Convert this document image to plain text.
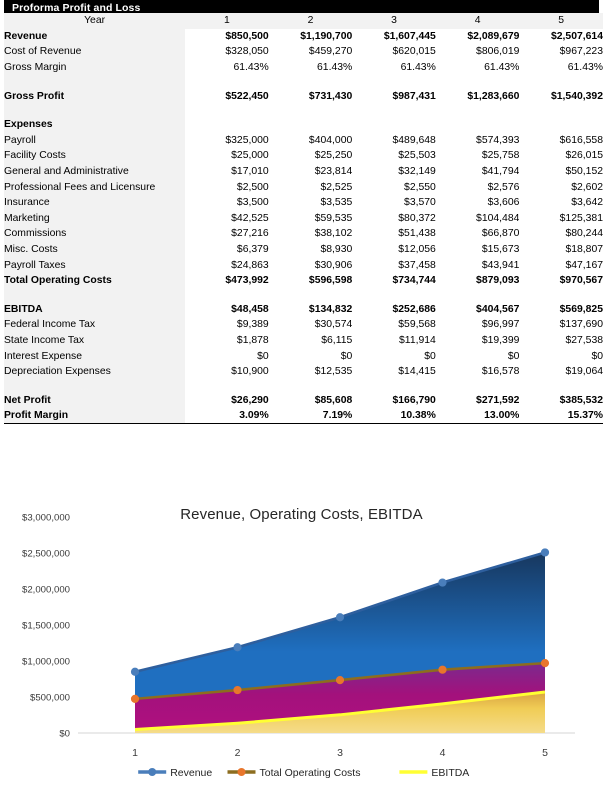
Proforma Profit and Loss
Year	1	2	3	4	5
Revenue	$850,500	$1,190,700	$1,607,445	$2,089,679	$2,507,614
Cost of Revenue	$328,050	$459,270	$620,015	$806,019	$967,223
Gross Margin	61.43%	61.43%	61.43%	61.43%	61.43%

Gross Profit	$522,450	$731,430	$987,431	$1,283,660	$1,540,392

Expenses					
Payroll	$325,000	$404,000	$489,648	$574,393	$616,558
Facility Costs	$25,000	$25,250	$25,503	$25,758	$26,015
General and Administrative	$17,010	$23,814	$32,149	$41,794	$50,152
Professional Fees and Licensure	$2,500	$2,525	$2,550	$2,576	$2,602
Insurance	$3,500	$3,535	$3,570	$3,606	$3,642
Marketing	$42,525	$59,535	$80,372	$104,484	$125,381
Commissions	$27,216	$38,102	$51,438	$66,870	$80,244
Misc. Costs	$6,379	$8,930	$12,056	$15,673	$18,807
Payroll Taxes	$24,863	$30,906	$37,458	$43,941	$47,167
Total Operating Costs	$473,992	$596,598	$734,744	$879,093	$970,567

EBITDA	$48,458	$134,832	$252,686	$404,567	$569,825
Federal Income Tax	$9,389	$30,574	$59,568	$96,997	$137,690
State Income Tax	$1,878	$6,115	$11,914	$19,399	$27,538
Interest Expense	$0	$0	$0	$0	$0
Depreciation Expenses	$10,900	$12,535	$14,415	$16,578	$19,064

Net Profit	$26,290	$85,608	$166,790	$271,592	$385,532
Profit Margin	3.09%	7.19%	10.38%	13.00%	15.37%
Revenue, Operating Costs, EBITDA
$0
$500,000
$1,000,000
$1,500,000
$2,000,000
$2,500,000
$3,000,000
1	2	3	4	5
Revenue	Total Operating Costs	EBITDA
